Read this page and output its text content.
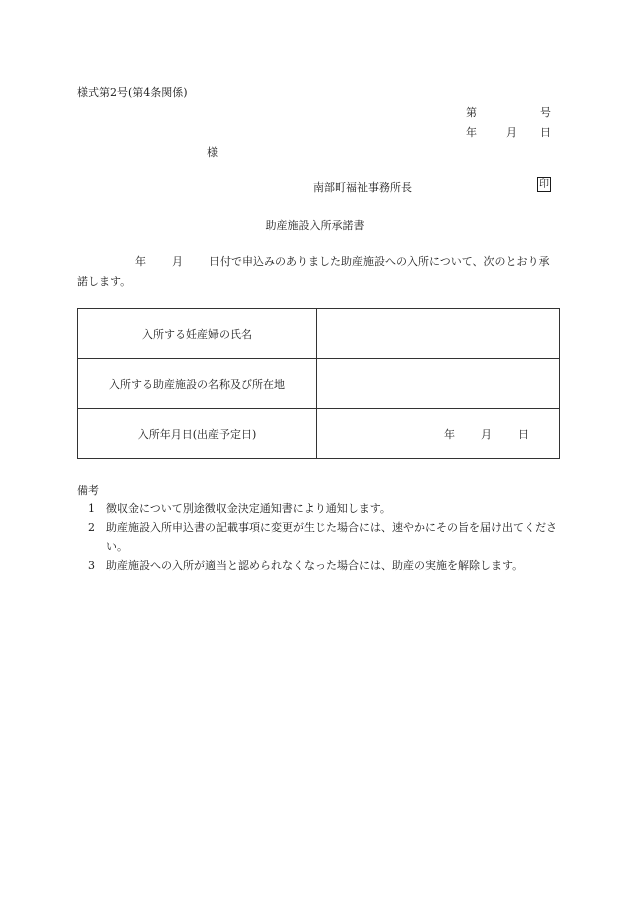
様式第2号(第4条関係)
第	号
年	月 日
様
南部町福祉事務所長	印
助産施設入所承諾書
年 月 日付で申込みのありました助産施設への入所について、次のとおり承諾します。
入所する妊産婦の氏名	
入所する助産施設の名称及び所在地	
入所年月日(出産予定日)	年 月 日
備考
1　徴収金について別途徴収金決定通知書により通知します。
2　助産施設入所申込書の記載事項に変更が生じた場合には、速やかにその旨を届け出てください。
3　助産施設への入所が適当と認められなくなった場合には、助産の実施を解除します。
